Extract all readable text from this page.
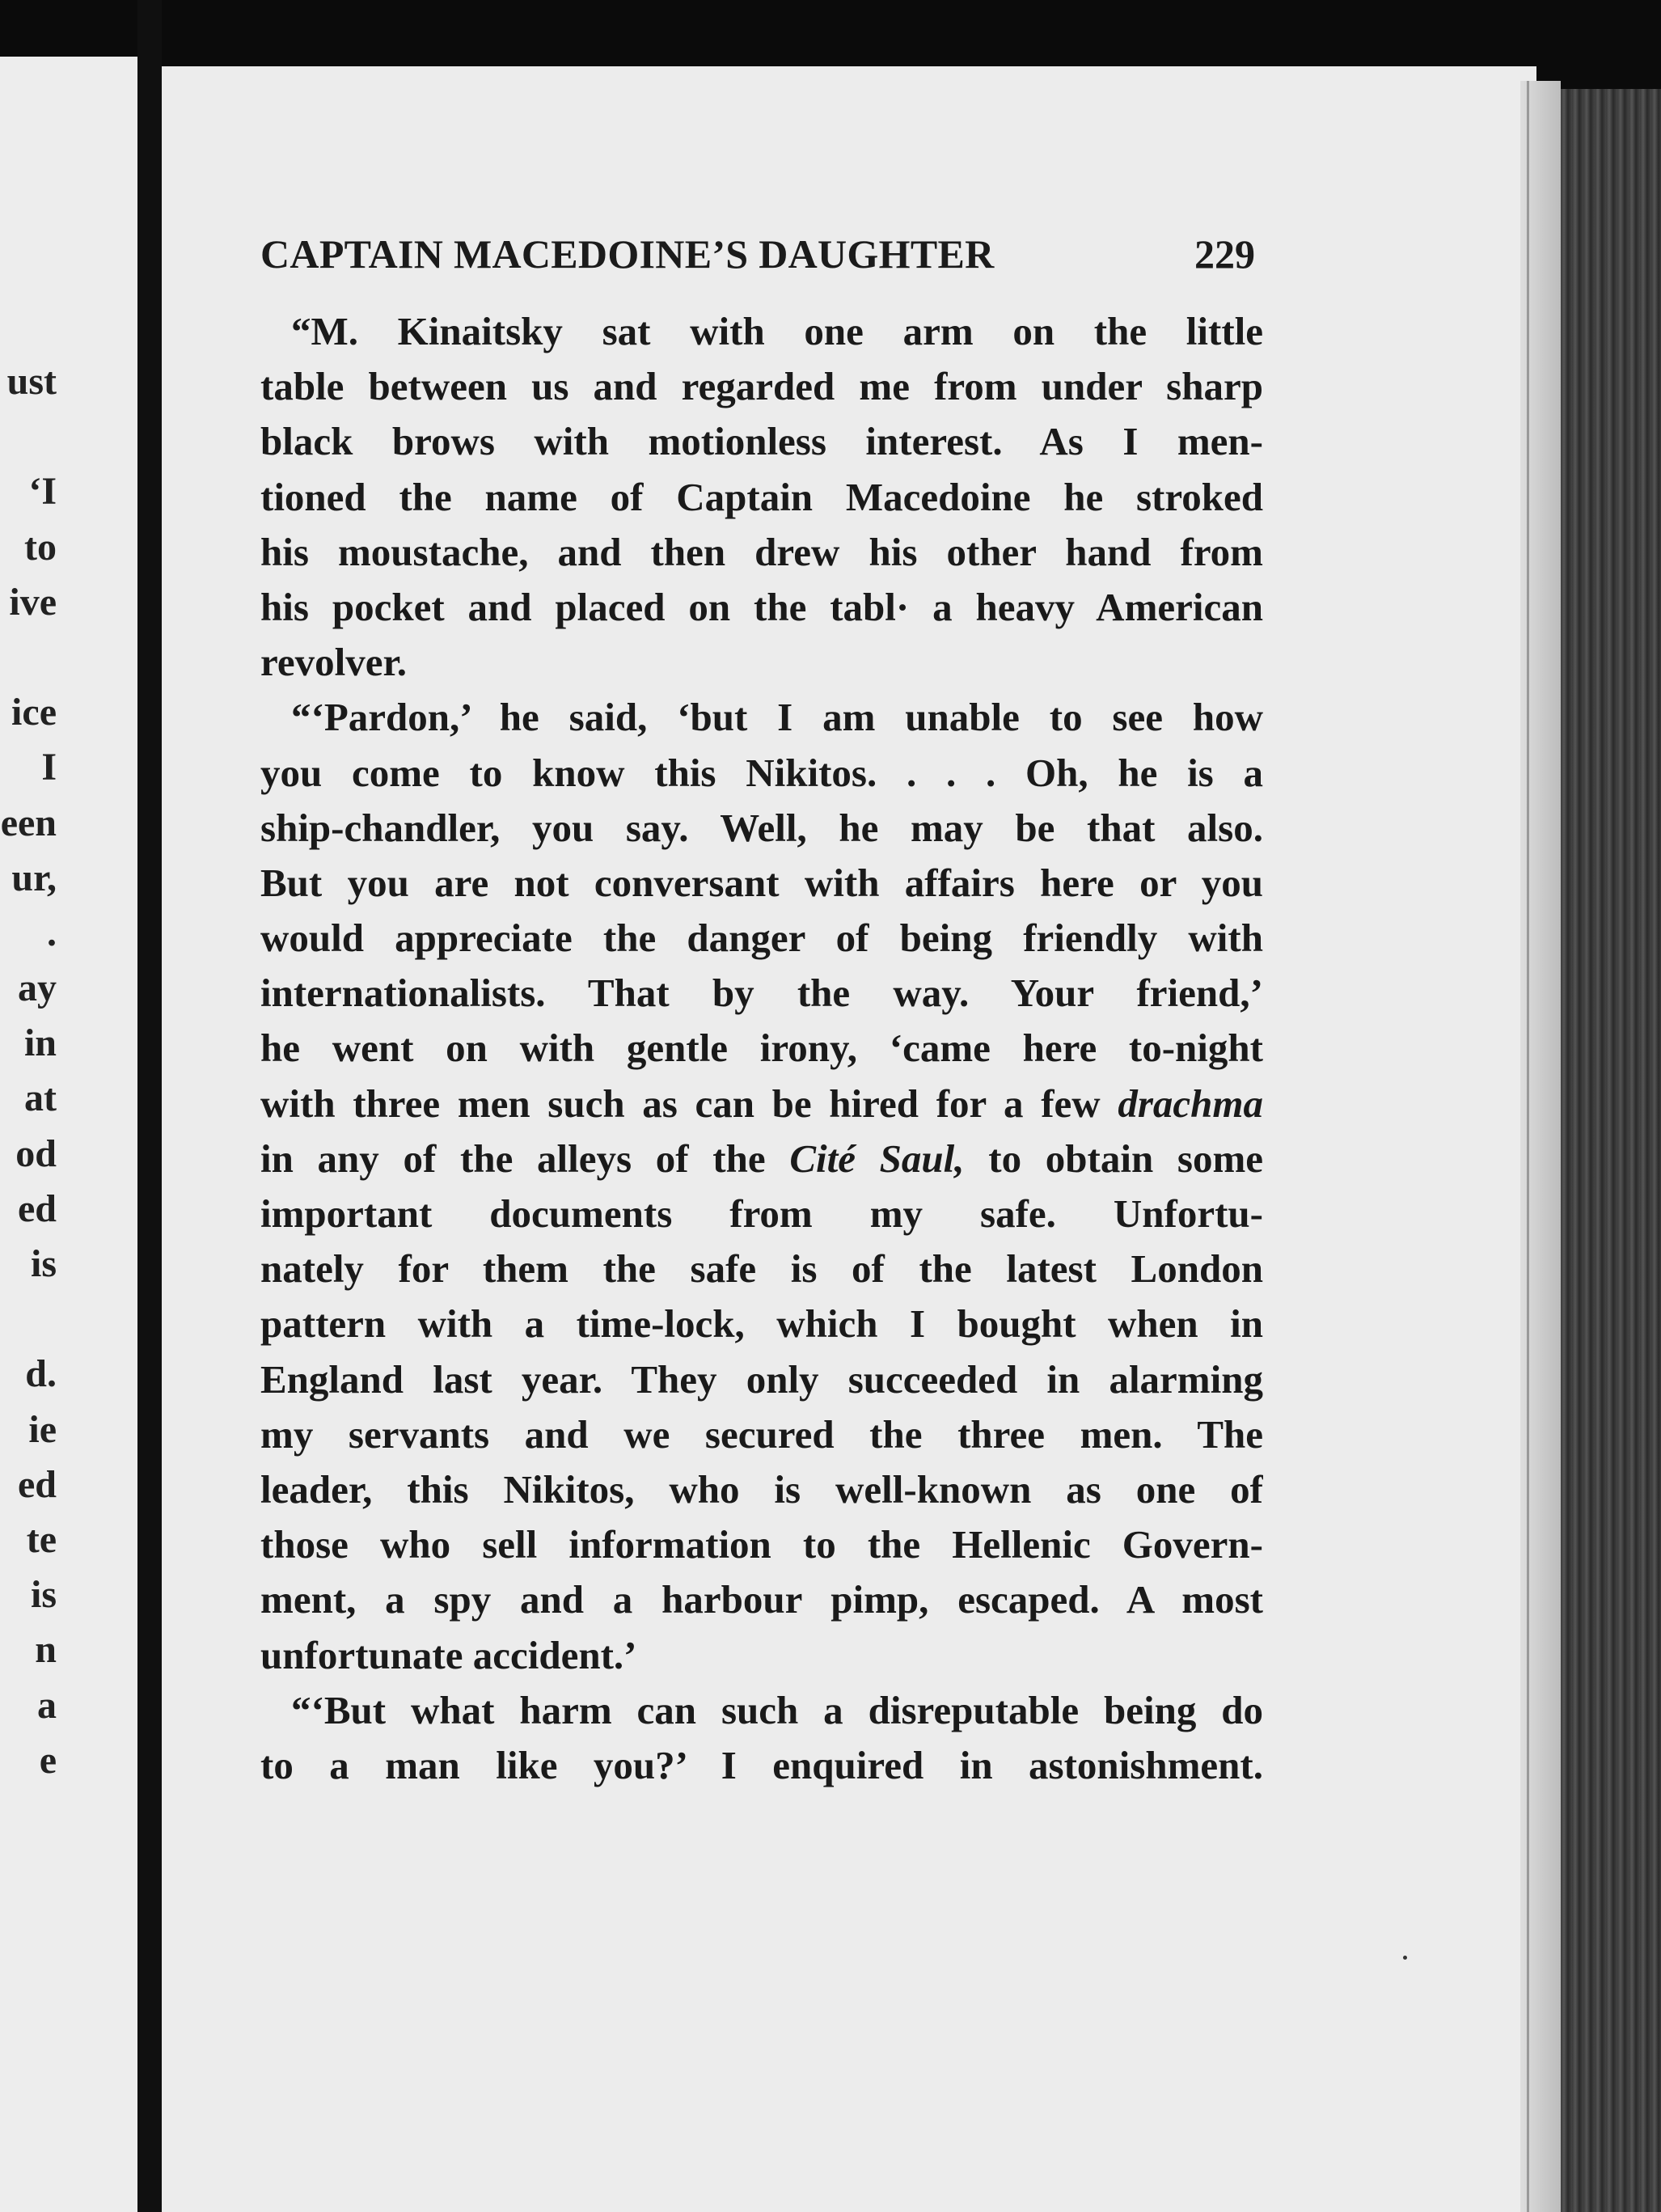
ust
‘I
to
ive
ice
I
een
ur,
.
ay
in
at
od
ed
is
d.
ie
ed
te
is
n
a
e
CAPTAIN MACEDOINE’S DAUGHTER	229
“M. Kinaitsky sat with one arm on the little
table between us and regarded me from under sharp
black brows with motionless interest. As I men-
tioned the name of Captain Macedoine he stroked
his moustache, and then drew his other hand from
his pocket and placed on the tabl· a heavy American
revolver.
“‘Pardon,’ he said, ‘but I am unable to see how
you come to know this Nikitos. . . . Oh, he is a
ship-chandler, you say. Well, he may be that also.
But you are not conversant with affairs here or you
would appreciate the danger of being friendly with
internationalists. That by the way. Your friend,’
he went on with gentle irony, ‘came here to-night
with three men such as can be hired for a few drachma
in any of the alleys of the Cité Saul, to obtain some
important documents from my safe. Unfortu-
nately for them the safe is of the latest London
pattern with a time-lock, which I bought when in
England last year. They only succeeded in alarming
my servants and we secured the three men. The
leader, this Nikitos, who is well-known as one of
those who sell information to the Hellenic Govern-
ment, a spy and a harbour pimp, escaped. A most
unfortunate accident.’
“‘But what harm can such a disreputable being do
to a man like you?’ I enquired in astonishment.
